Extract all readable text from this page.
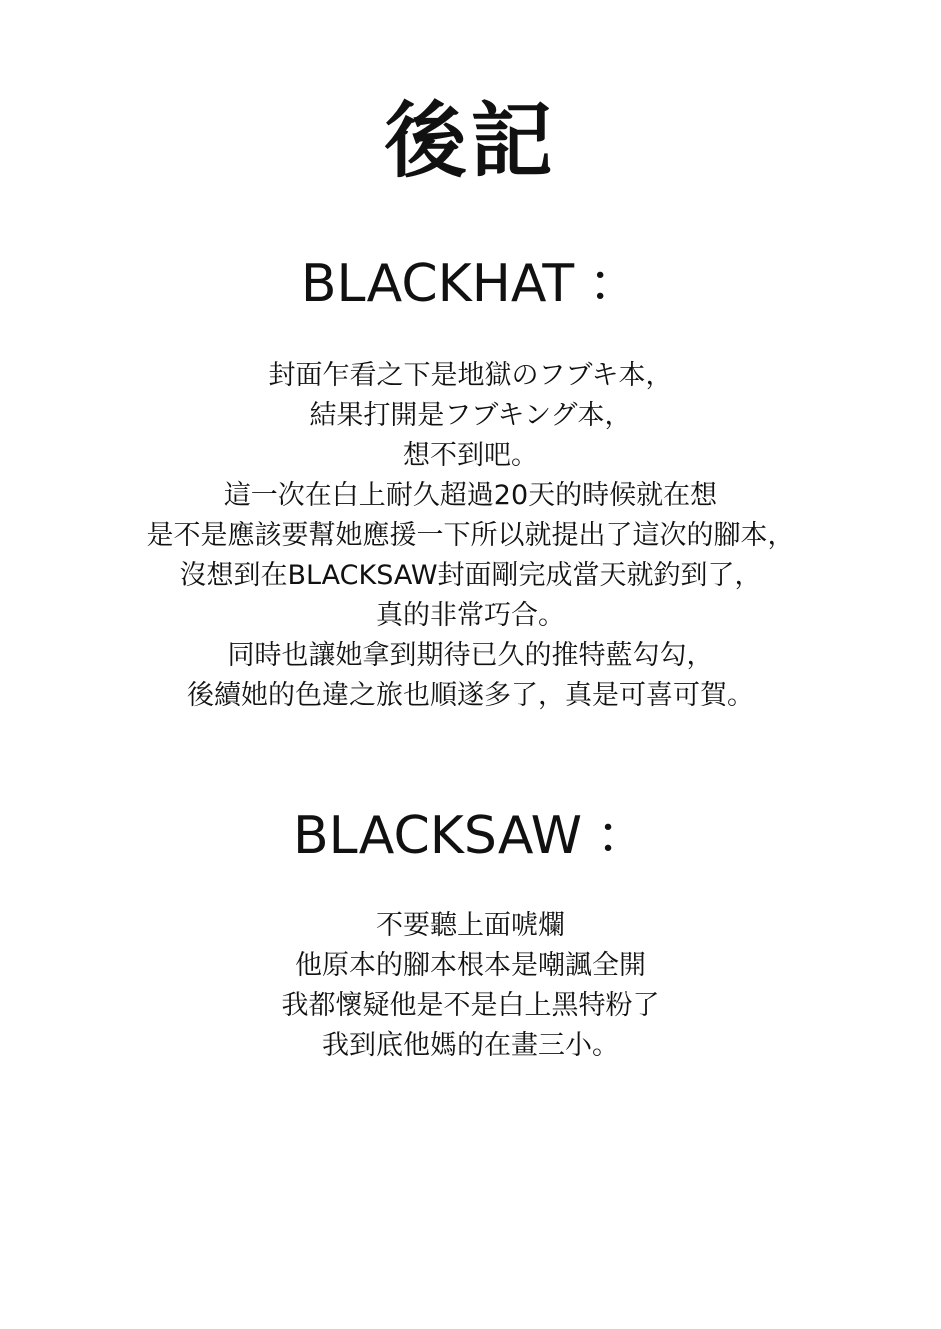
後記
BLACKHAT ：
封面乍看之下是地獄のフブキ本，
結果打開是フブキング本，
想不到吧。
這一次在白上耐久超過20天的時候就在想
是不是應該要幫她應援一下所以就提出了這次的腳本，
沒想到在BLACKSAW封面剛完成當天就釣到了，
真的非常巧合。
同時也讓她拿到期待已久的推特藍勾勾，
後續她的色違之旅也順遂多了，真是可喜可賀。
BLACKSAW ：
不要聽上面唬爛
他原本的腳本根本是嘲諷全開
我都懷疑他是不是白上黑特粉了
我到底他媽的在畫三小。
